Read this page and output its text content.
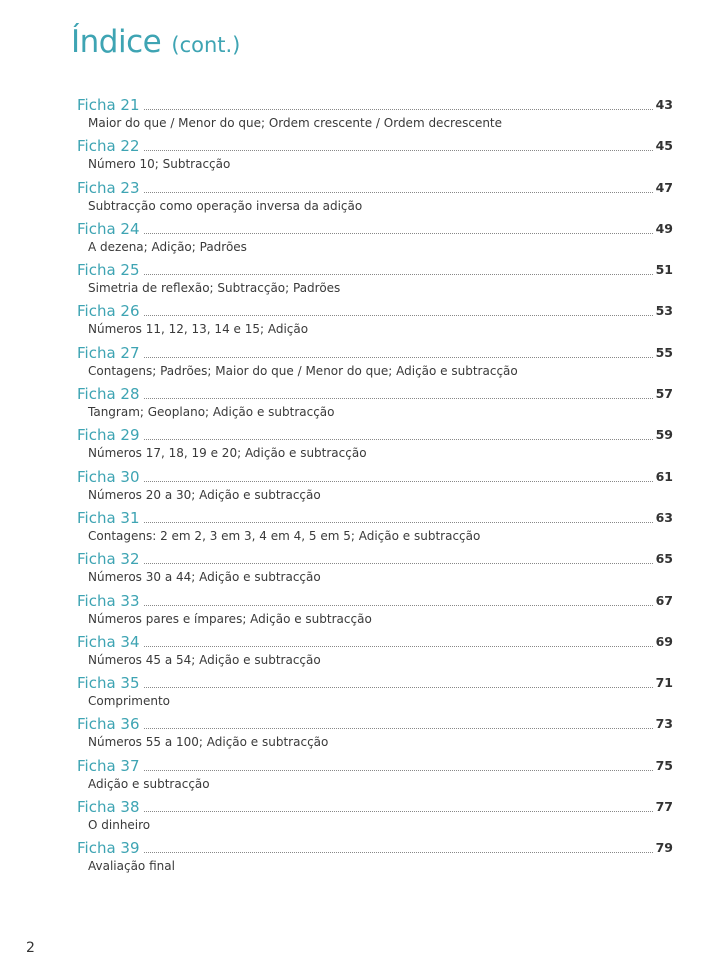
Índice (cont.)
Ficha 21	43
Maior do que / Menor do que; Ordem crescente / Ordem decrescente
Ficha 22	45
Número 10; Subtracção
Ficha 23	47
Subtracção como operação inversa da adição
Ficha 24	49
A dezena; Adição; Padrões
Ficha 25	51
Simetria de reflexão; Subtracção; Padrões
Ficha 26	53
Números 11, 12, 13, 14 e 15; Adição
Ficha 27	55
Contagens; Padrões; Maior do que / Menor do que; Adição e subtracção
Ficha 28	57
Tangram; Geoplano; Adição e subtracção
Ficha 29	59
Números 17, 18, 19 e 20; Adição e subtracção
Ficha 30	61
Números 20 a 30; Adição e subtracção
Ficha 31	63
Contagens: 2 em 2, 3 em 3, 4 em 4, 5 em 5; Adição e subtracção
Ficha 32	65
Números 30 a 44; Adição e subtracção
Ficha 33	67
Números pares e ímpares; Adição e subtracção
Ficha 34	69
Números 45 a 54; Adição e subtracção
Ficha 35	71
Comprimento
Ficha 36	73
Números 55 a 100; Adição e subtracção
Ficha 37	75
Adição e subtracção
Ficha 38	77
O dinheiro
Ficha 39	79
Avaliação final
2
